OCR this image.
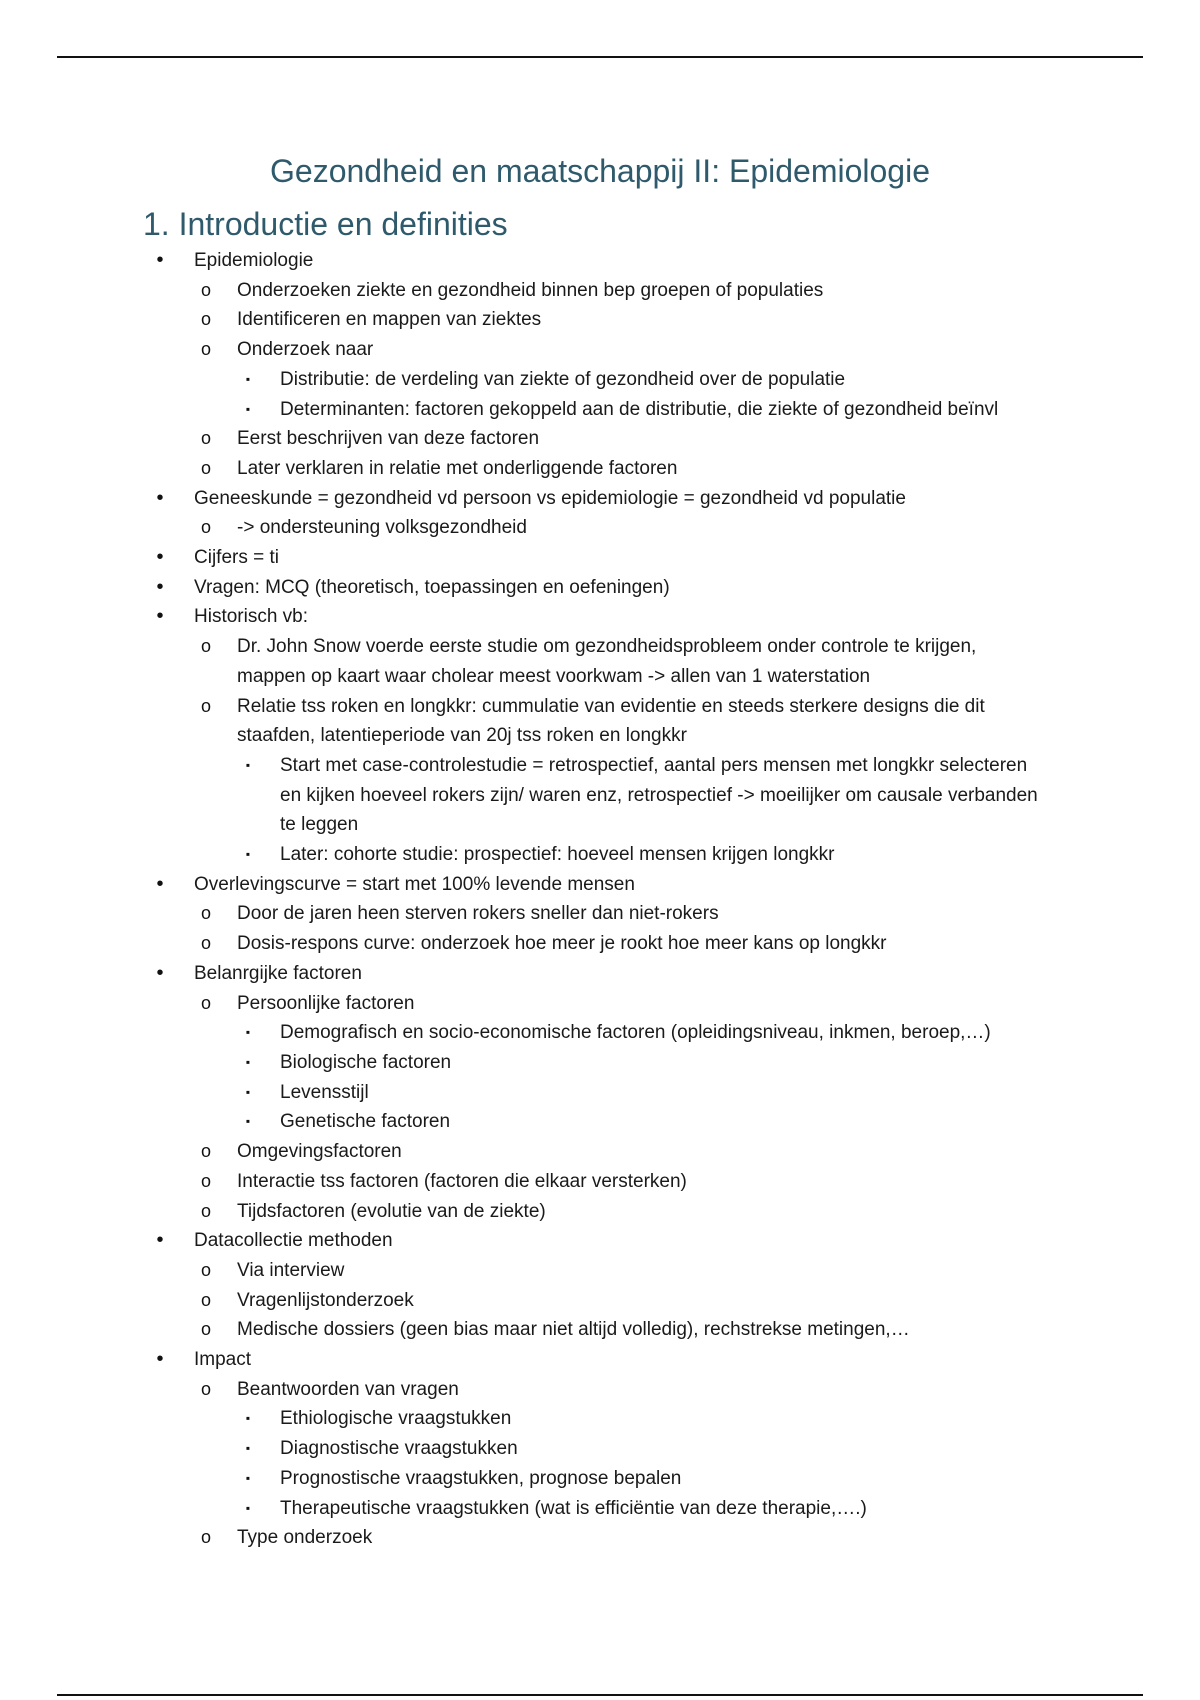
Gezondheid en maatschappij II: Epidemiologie
1. Introductie en definities
•
Epidemiologie
o
Onderzoeken ziekte en gezondheid binnen bep groepen of populaties
o
Identificeren en mappen van ziektes
o
Onderzoek naar
▪
Distributie: de verdeling van ziekte of gezondheid over de populatie
▪
Determinanten: factoren gekoppeld aan de distributie, die ziekte of gezondheid beïnvl
o
Eerst beschrijven van deze factoren
o
Later verklaren in relatie met onderliggende factoren
•
Geneeskunde = gezondheid vd persoon vs epidemiologie = gezondheid vd populatie
o
-> ondersteuning volksgezondheid
•
Cijfers = ti
•
Vragen: MCQ (theoretisch, toepassingen en oefeningen)
•
Historisch vb:
o
Dr. John Snow voerde eerste studie om gezondheidsprobleem onder controle te krijgen, mappen op kaart waar cholear meest voorkwam -> allen van 1 waterstation
o
Relatie tss roken en longkkr: cummulatie van evidentie en steeds sterkere designs die dit staafden, latentieperiode van 20j tss roken en longkkr
▪
Start met case-controlestudie = retrospectief, aantal pers mensen met longkkr selecteren en kijken hoeveel rokers zijn/ waren enz, retrospectief -> moeilijker om causale verbanden te leggen
▪
Later: cohorte studie: prospectief: hoeveel mensen krijgen longkkr
•
Overlevingscurve = start met 100% levende mensen
o
Door de jaren heen sterven rokers sneller dan niet-rokers
o
Dosis-respons curve: onderzoek hoe meer je rookt hoe meer kans op longkkr
•
Belanrgijke factoren
o
Persoonlijke factoren
▪
Demografisch en socio-economische factoren (opleidingsniveau, inkmen, beroep,…)
▪
Biologische factoren
▪
Levensstijl
▪
Genetische factoren
o
Omgevingsfactoren
o
Interactie tss factoren (factoren die elkaar versterken)
o
Tijdsfactoren (evolutie van de ziekte)
•
Datacollectie methoden
o
Via interview
o
Vragenlijstonderzoek
o
Medische dossiers (geen bias maar niet altijd volledig), rechstrekse metingen,…
•
Impact
o
Beantwoorden van vragen
▪
Ethiologische vraagstukken
▪
Diagnostische vraagstukken
▪
Prognostische vraagstukken, prognose bepalen
▪
Therapeutische vraagstukken (wat is efficiëntie van deze therapie,….)
o
Type onderzoek
